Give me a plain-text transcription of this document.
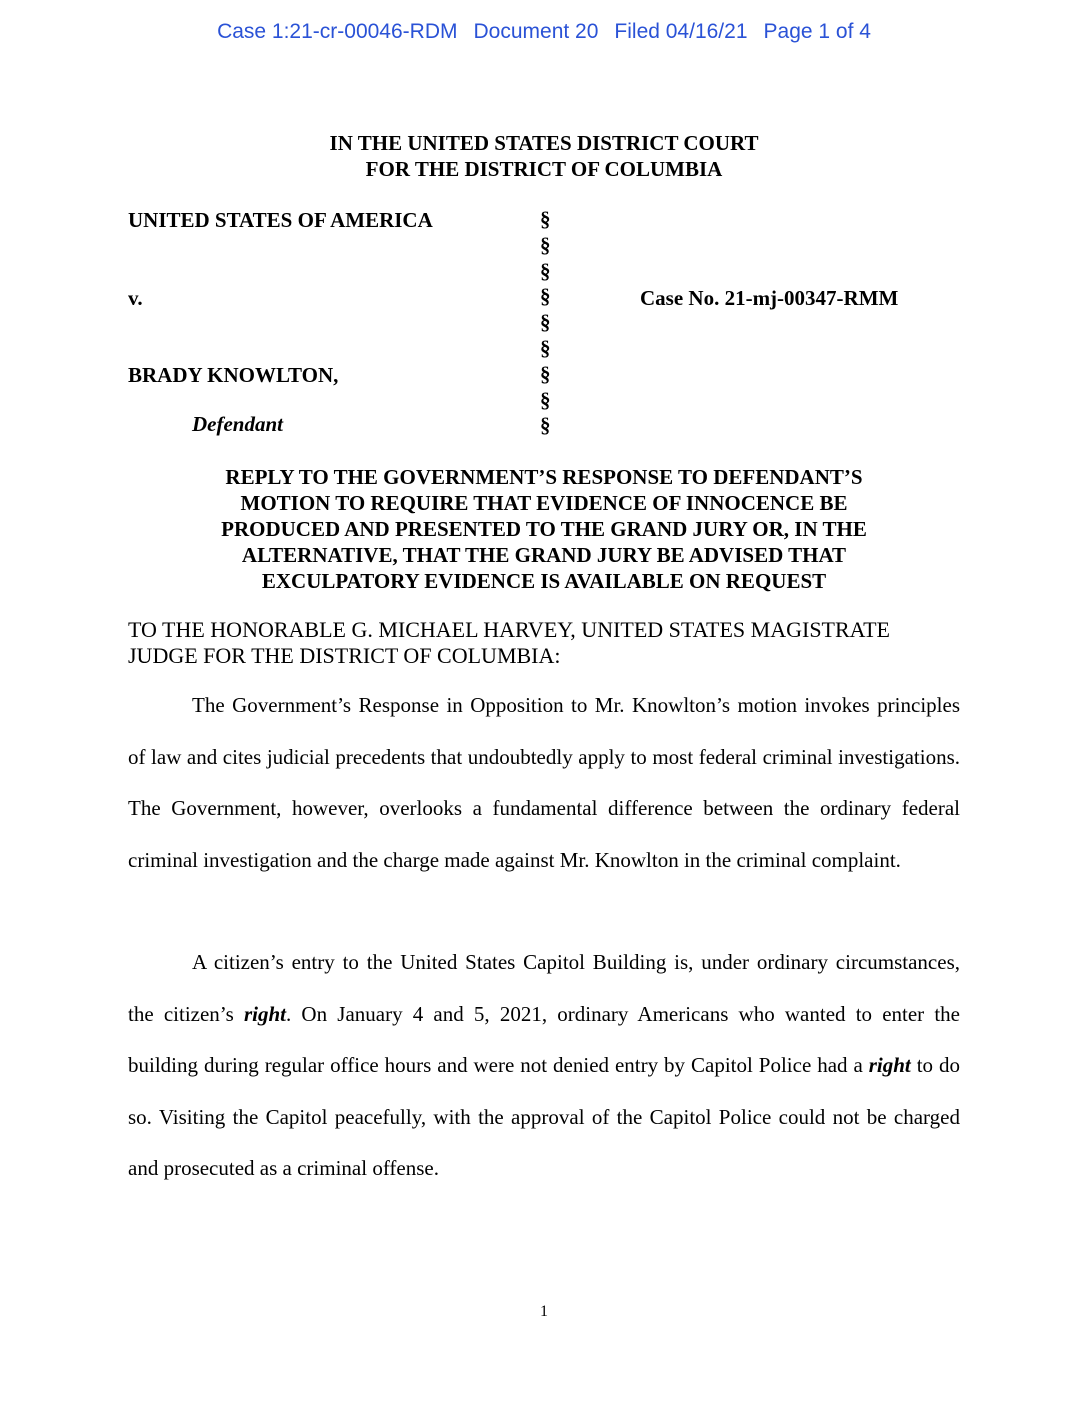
Case 1:21-cr-00046-RDM Document 20 Filed 04/16/21 Page 1 of 4
IN THE UNITED STATES DISTRICT COURT
FOR THE DISTRICT OF COLUMBIA
UNITED STATES OF AMERICA
v.
BRADY KNOWLTON,
Defendant
§
§
§
§
§
§
§
§
§
Case No. 21-mj-00347-RMM
REPLY TO THE GOVERNMENT’S RESPONSE TO DEFENDANT’S
MOTION TO REQUIRE THAT EVIDENCE OF INNOCENCE BE
PRODUCED AND PRESENTED TO THE GRAND JURY OR, IN THE
ALTERNATIVE, THAT THE GRAND JURY BE ADVISED THAT
EXCULPATORY EVIDENCE IS AVAILABLE ON REQUEST
TO THE HONORABLE G. MICHAEL HARVEY, UNITED STATES MAGISTRATE
JUDGE FOR THE DISTRICT OF COLUMBIA:

The Government’s Response in Opposition to Mr. Knowlton’s motion invokes principles of law and cites judicial precedents that undoubtedly apply to most federal criminal investigations. The Government, however, overlooks a fundamental difference between the ordinary federal criminal investigation and the charge made against Mr. Knowlton in the criminal complaint.

A citizen’s entry to the United States Capitol Building is, under ordinary circumstances, the citizen’s right. On January 4 and 5, 2021, ordinary Americans who wanted to enter the building during regular office hours and were not denied entry by Capitol Police had a right to do so. Visiting the Capitol peacefully, with the approval of the Capitol Police could not be charged and prosecuted as a criminal offense.

1
